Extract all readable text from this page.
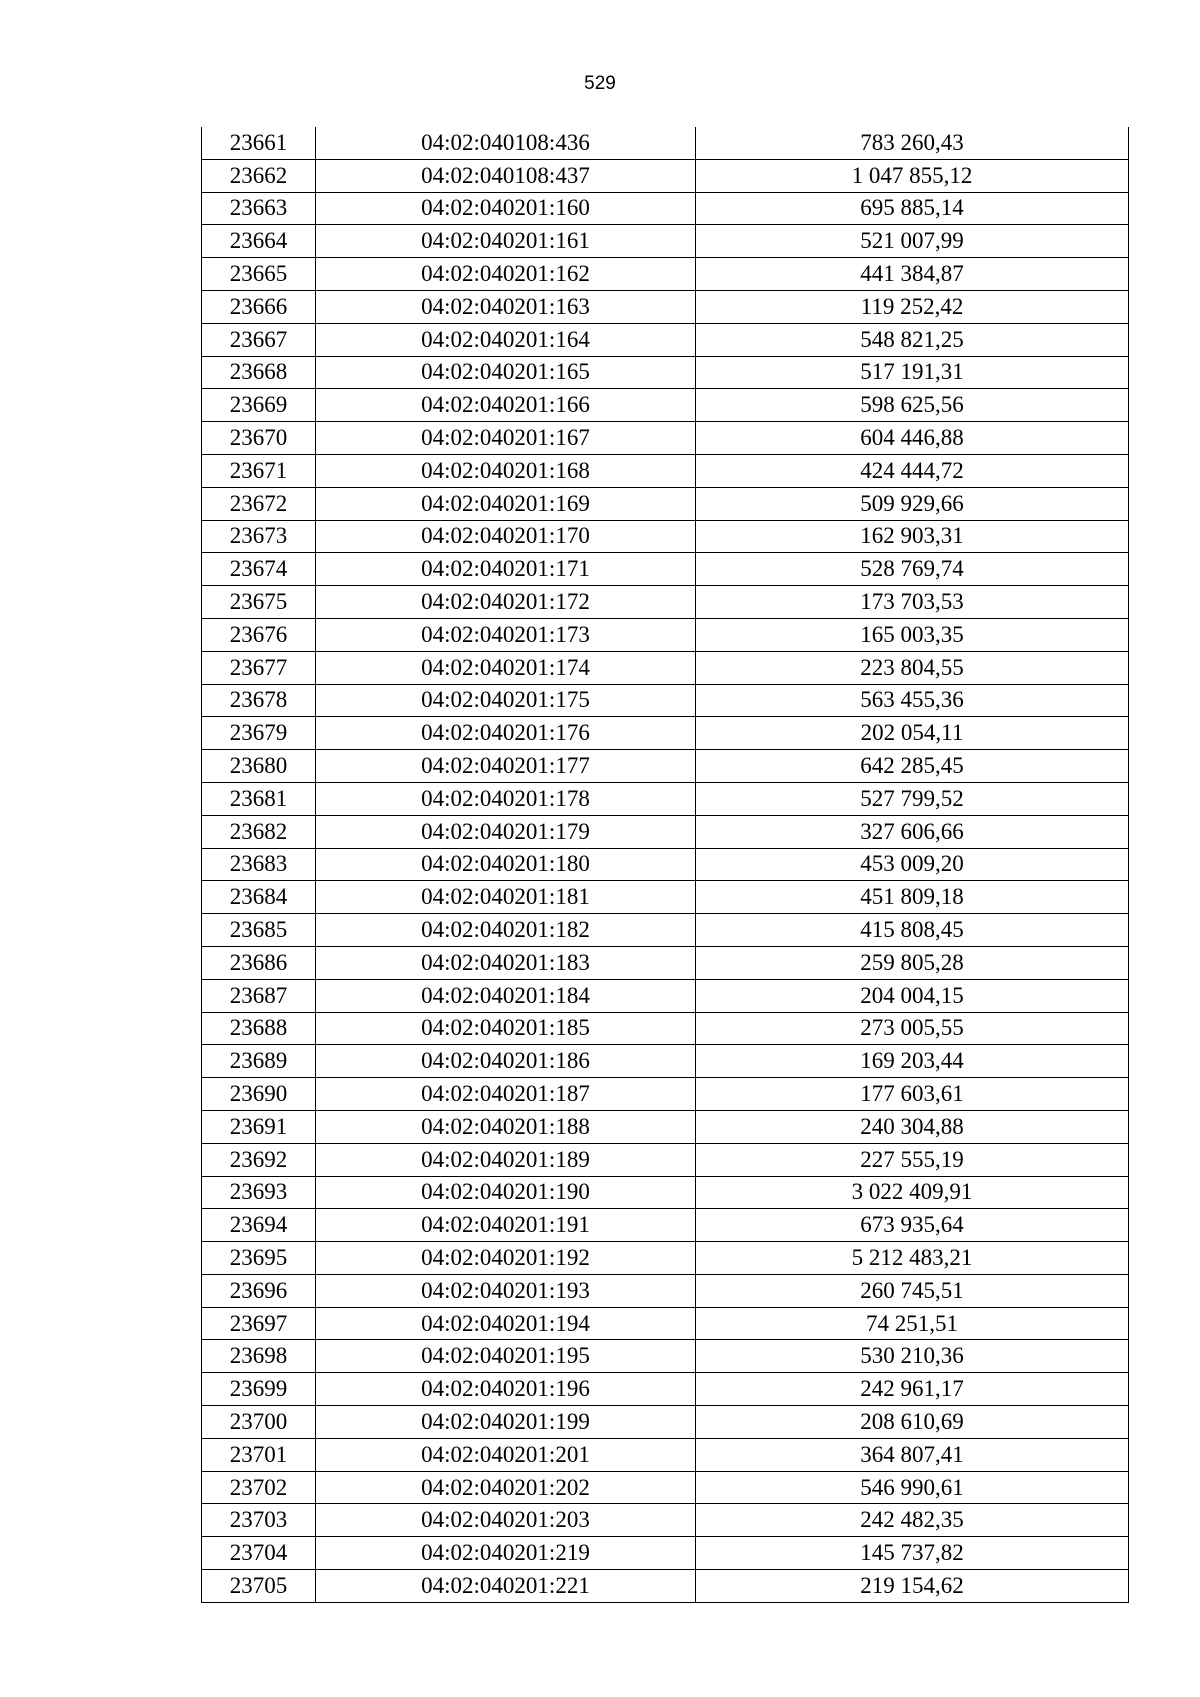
529
23661	04:02:040108:436	783 260,43
23662	04:02:040108:437	1 047 855,12
23663	04:02:040201:160	695 885,14
23664	04:02:040201:161	521 007,99
23665	04:02:040201:162	441 384,87
23666	04:02:040201:163	119 252,42
23667	04:02:040201:164	548 821,25
23668	04:02:040201:165	517 191,31
23669	04:02:040201:166	598 625,56
23670	04:02:040201:167	604 446,88
23671	04:02:040201:168	424 444,72
23672	04:02:040201:169	509 929,66
23673	04:02:040201:170	162 903,31
23674	04:02:040201:171	528 769,74
23675	04:02:040201:172	173 703,53
23676	04:02:040201:173	165 003,35
23677	04:02:040201:174	223 804,55
23678	04:02:040201:175	563 455,36
23679	04:02:040201:176	202 054,11
23680	04:02:040201:177	642 285,45
23681	04:02:040201:178	527 799,52
23682	04:02:040201:179	327 606,66
23683	04:02:040201:180	453 009,20
23684	04:02:040201:181	451 809,18
23685	04:02:040201:182	415 808,45
23686	04:02:040201:183	259 805,28
23687	04:02:040201:184	204 004,15
23688	04:02:040201:185	273 005,55
23689	04:02:040201:186	169 203,44
23690	04:02:040201:187	177 603,61
23691	04:02:040201:188	240 304,88
23692	04:02:040201:189	227 555,19
23693	04:02:040201:190	3 022 409,91
23694	04:02:040201:191	673 935,64
23695	04:02:040201:192	5 212 483,21
23696	04:02:040201:193	260 745,51
23697	04:02:040201:194	74 251,51
23698	04:02:040201:195	530 210,36
23699	04:02:040201:196	242 961,17
23700	04:02:040201:199	208 610,69
23701	04:02:040201:201	364 807,41
23702	04:02:040201:202	546 990,61
23703	04:02:040201:203	242 482,35
23704	04:02:040201:219	145 737,82
23705	04:02:040201:221	219 154,62
